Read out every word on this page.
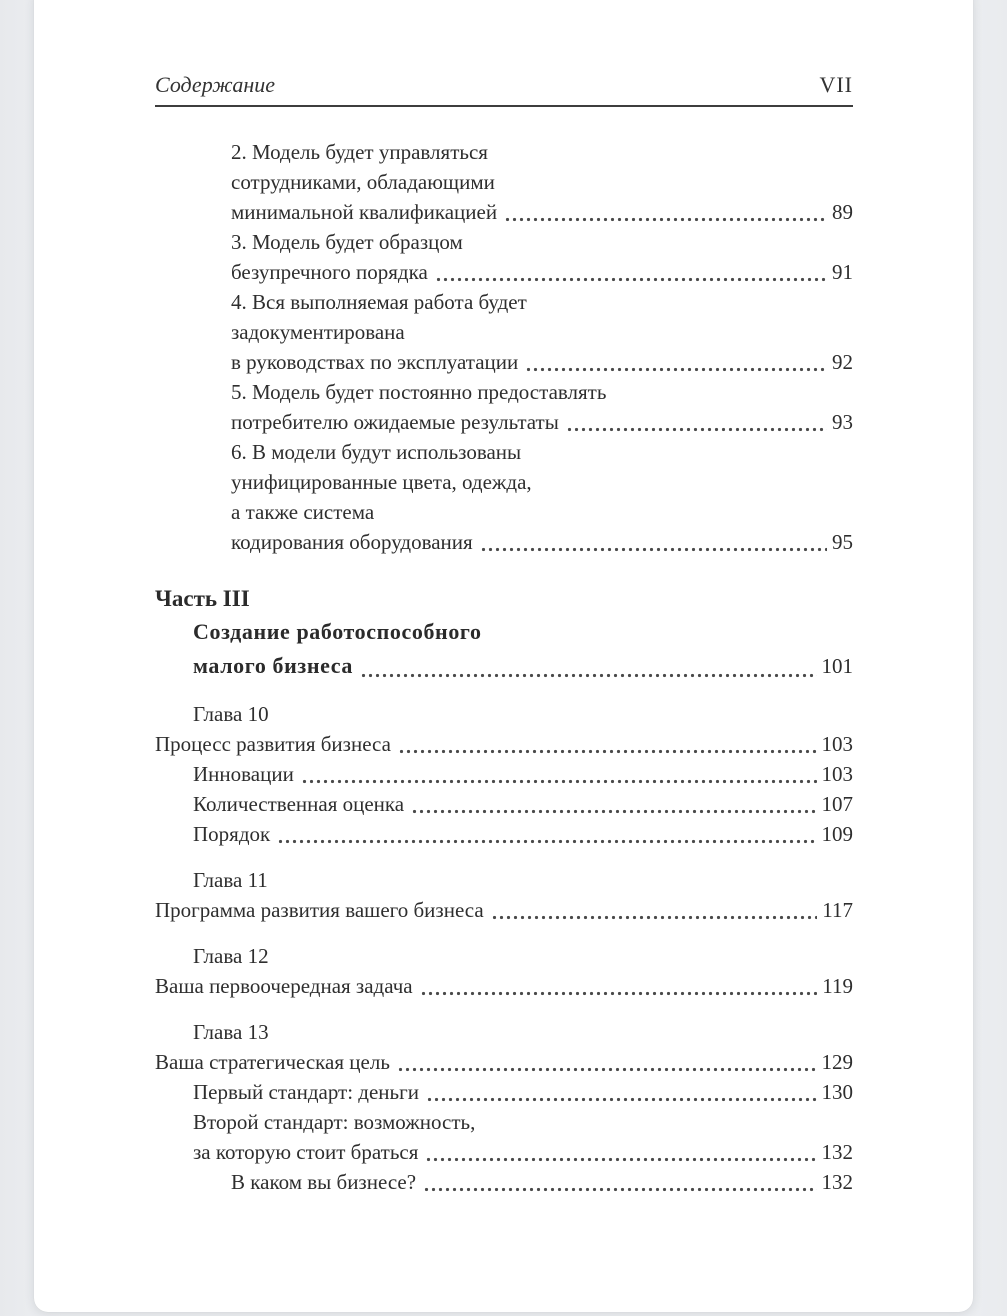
Содержание	VII
2. Модель будет управляться
сотрудниками, обладающими
минимальной квалификацией	89
3. Модель будет образцом
безупречного порядка	91
4. Вся выполняемая работа будет
задокументирована
в руководствах по эксплуатации	92
5. Модель будет постоянно предоставлять
потребителю ожидаемые результаты	93
6. В модели будут использованы
унифицированные цвета, одежда,
а также система
кодирования оборудования	95
Часть III
Создание работоспособного
малого бизнеса	101
Глава 10
Процесс развития бизнеса	103
Инновации	103
Количественная оценка	107
Порядок	109
Глава 11
Программа развития вашего бизнеса	117
Глава 12
Ваша первоочередная задача	119
Глава 13
Ваша стратегическая цель	129
Первый стандарт: деньги	130
Второй стандарт: возможность,
за которую стоит браться	132
В каком вы бизнесе?	132
